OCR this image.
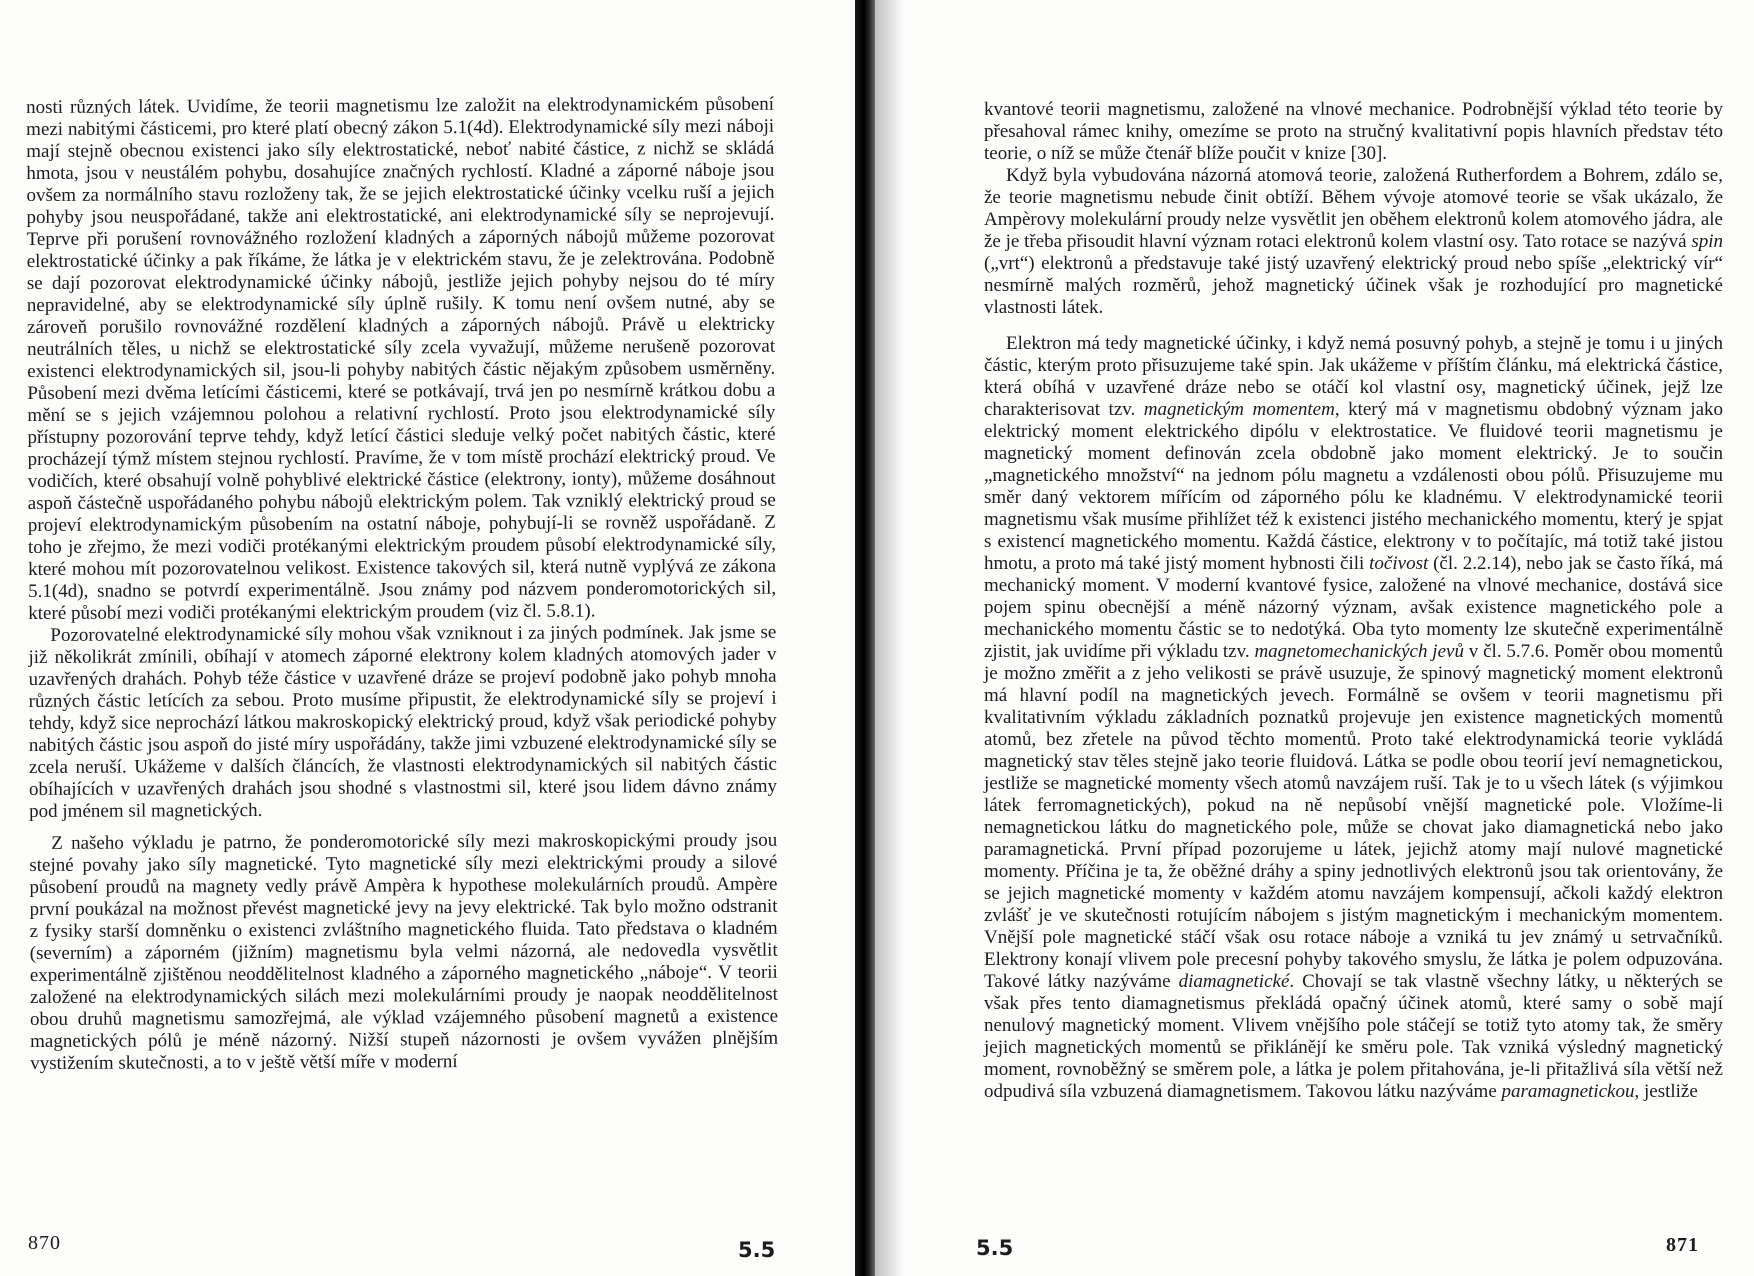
nosti různých látek. Uvidíme, že teorii magnetismu lze založit na elektrodynamickém působení mezi nabitými částicemi, pro které platí obecný zákon 5.1(4d). Elektrodynamické síly mezi náboji mají stejně obecnou existenci jako síly elektrostatické, neboť nabité částice, z nichž se skládá hmota, jsou v neustálém pohybu, dosahujíce značných rychlostí. Kladné a záporné náboje jsou ovšem za normálního stavu rozloženy tak, že se jejich elektrostatické účinky vcelku ruší a jejich pohyby jsou neuspořádané, takže ani elektrostatické, ani elektrodynamické síly se neprojevují. Teprve při porušení rovnovážného rozložení kladných a záporných nábojů můžeme pozorovat elektrostatické účinky a pak říkáme, že látka je v elektrickém stavu, že je zelektrována. Podobně se dají pozorovat elektrodynamické účinky nábojů, jestliže jejich pohyby nejsou do té míry nepravidelné, aby se elektrodynamické síly úplně rušily. K tomu není ovšem nutné, aby se zároveň porušilo rovnovážné rozdělení kladných a záporných nábojů. Právě u elektricky neutrálních těles, u nichž se elektrostatické síly zcela vyvažují, můžeme nerušeně pozorovat existenci elektrodynamických sil, jsou-li pohyby nabitých částic nějakým způsobem usměrněny. Působení mezi dvěma letícími částicemi, které se potkávají, trvá jen po nesmírně krátkou dobu a mění se s jejich vzájemnou polohou a relativní rychlostí. Proto jsou elektrodynamické síly přístupny pozorování teprve tehdy, když letící částici sleduje velký počet nabitých částic, které procházejí týmž místem stejnou rychlostí. Pravíme, že v tom místě prochází elektrický proud. Ve vodičích, které obsahují volně pohyblivé elektrické částice (elektrony, ionty), můžeme dosáhnout aspoň částečně uspořádaného pohybu nábojů elektrickým polem. Tak vzniklý elektrický proud se projeví elektrodynamickým působením na ostatní náboje, pohybují-li se rovněž uspořádaně. Z toho je zřejmo, že mezi vodiči protékanými elektrickým proudem působí elektrodynamické síly, které mohou mít pozorovatelnou velikost. Existence takových sil, která nutně vyplývá ze zákona 5.1(4d), snadno se potvrdí experimentálně. Jsou známy pod názvem ponderomotorických sil, které působí mezi vodiči protékanými elektrickým proudem (viz čl. 5.8.1).

Pozorovatelné elektrodynamické síly mohou však vzniknout i za jiných podmínek. Jak jsme se již několikrát zmínili, obíhají v atomech záporné elektrony kolem kladných atomových jader v uzavřených drahách. Pohyb téže částice v uzavřené dráze se projeví podobně jako pohyb mnoha různých částic letících za sebou. Proto musíme připustit, že elektrodynamické síly se projeví i tehdy, když sice neprochází látkou makroskopický elektrický proud, když však periodické pohyby nabitých částic jsou aspoň do jisté míry uspořádány, takže jimi vzbuzené elektrodynamické síly se zcela neruší. Ukážeme v dalších článcích, že vlastnosti elektrodynamických sil nabitých částic obíhajících v uzavřených drahách jsou shodné s vlastnostmi sil, které jsou lidem dávno známy pod jménem sil magnetických.

Z našeho výkladu je patrno, že ponderomotorické síly mezi makroskopickými proudy jsou stejné povahy jako síly magnetické. Tyto magnetické síly mezi elektrickými proudy a silové působení proudů na magnety vedly právě Ampèra k hypothese molekulárních proudů. Ampère první poukázal na možnost převést magnetické jevy na jevy elektrické. Tak bylo možno odstranit z fysiky starší domněnku o existenci zvláštního magnetického fluida. Tato představa o kladném (severním) a záporném (jižním) magnetismu byla velmi názorná, ale nedovedla vysvětlit experimentálně zjištěnou neoddělitelnost kladného a záporného magnetického „náboje“. V teorii založené na elektrodynamických silách mezi molekulárními proudy je naopak neoddělitelnost obou druhů magnetismu samozřejmá, ale výklad vzájemného působení magnetů a existence magnetických pólů je méně názorný. Nižší stupeň názornosti je ovšem vyvážen plnějším vystižením skutečnosti, a to v ještě větší míře v moderní

870	5.5

kvantové teorii magnetismu, založené na vlnové mechanice. Podrobnější výklad této teorie by přesahoval rámec knihy, omezíme se proto na stručný kvalitativní popis hlavních představ této teorie, o níž se může čtenář blíže poučit v knize [30].

Když byla vybudována názorná atomová teorie, založená Rutherfordem a Bohrem, zdálo se, že teorie magnetismu nebude činit obtíží. Během vývoje atomové teorie se však ukázalo, že Ampèrovy molekulární proudy nelze vysvětlit jen oběhem elektronů kolem atomového jádra, ale že je třeba přisoudit hlavní význam rotaci elektronů kolem vlastní osy. Tato rotace se nazývá spin („vrt“) elektronů a představuje také jistý uzavřený elektrický proud nebo spíše „elektrický vír“ nesmírně malých rozměrů, jehož magnetický účinek však je rozhodující pro magnetické vlastnosti látek.

Elektron má tedy magnetické účinky, i když nemá posuvný pohyb, a stejně je tomu i u jiných částic, kterým proto přisuzujeme také spin. Jak ukážeme v příštím článku, má elektrická částice, která obíhá v uzavřené dráze nebo se otáčí kol vlastní osy, magnetický účinek, jejž lze charakterisovat tzv. magnetickým momentem, který má v magnetismu obdobný význam jako elektrický moment elektrického dipólu v elektrostatice. Ve fluidové teorii magnetismu je magnetický moment definován zcela obdobně jako moment elektrický. Je to součin „magnetického množství“ na jednom pólu magnetu a vzdálenosti obou pólů. Přisuzujeme mu směr daný vektorem mířícím od záporného pólu ke kladnému. V elektrodynamické teorii magnetismu však musíme přihlížet též k existenci jistého mechanického momentu, který je spjat s existencí magnetického momentu. Každá částice, elektrony v to počítajíc, má totiž také jistou hmotu, a proto má také jistý moment hybnosti čili točivost (čl. 2.2.14), nebo jak se často říká, má mechanický moment. V moderní kvantové fysice, založené na vlnové mechanice, dostává sice pojem spinu obecnější a méně názorný význam, avšak existence magnetického pole a mechanického momentu částic se to nedotýká. Oba tyto momenty lze skutečně experimentálně zjistit, jak uvidíme při výkladu tzv. magnetomechanických jevů v čl. 5.7.6. Poměr obou momentů je možno změřit a z jeho velikosti se právě usuzuje, že spinový magnetický moment elektronů má hlavní podíl na magnetických jevech. Formálně se ovšem v teorii magnetismu při kvalitativním výkladu základních poznatků projevuje jen existence magnetických momentů atomů, bez zřetele na původ těchto momentů. Proto také elektrodynamická teorie vykládá magnetický stav těles stejně jako teorie fluidová. Látka se podle obou teorií jeví nemagnetickou, jestliže se magnetické momenty všech atomů navzájem ruší. Tak je to u všech látek (s výjimkou látek ferromagnetických), pokud na ně nepůsobí vnější magnetické pole. Vložíme-li nemagnetickou látku do magnetického pole, může se chovat jako diamagnetická nebo jako paramagnetická. První případ pozorujeme u látek, jejichž atomy mají nulové magnetické momenty. Příčina je ta, že oběžné dráhy a spiny jednotlivých elektronů jsou tak orientovány, že se jejich magnetické momenty v každém atomu navzájem kompensují, ačkoli každý elektron zvlášť je ve skutečnosti rotujícím nábojem s jistým magnetickým i mechanickým momentem. Vnější pole magnetické stáčí však osu rotace náboje a vzniká tu jev známý u setrvačníků. Elektrony konají vlivem pole precesní pohyby takového smyslu, že látka je polem odpuzována. Takové látky nazýváme diamagnetické. Chovají se tak vlastně všechny látky, u některých se však přes tento diamagnetismus překládá opačný účinek atomů, které samy o sobě mají nenulový magnetický moment. Vlivem vnějšího pole stáčejí se totiž tyto atomy tak, že směry jejich magnetických momentů se přiklánějí ke směru pole. Tak vzniká výsledný magnetický moment, rovnoběžný se směrem pole, a látka je polem přitahována, je-li přitažlivá síla větší než odpudivá síla vzbuzená diamagnetismem. Takovou látku nazýváme paramagnetickou, jestliže

5.5	871
